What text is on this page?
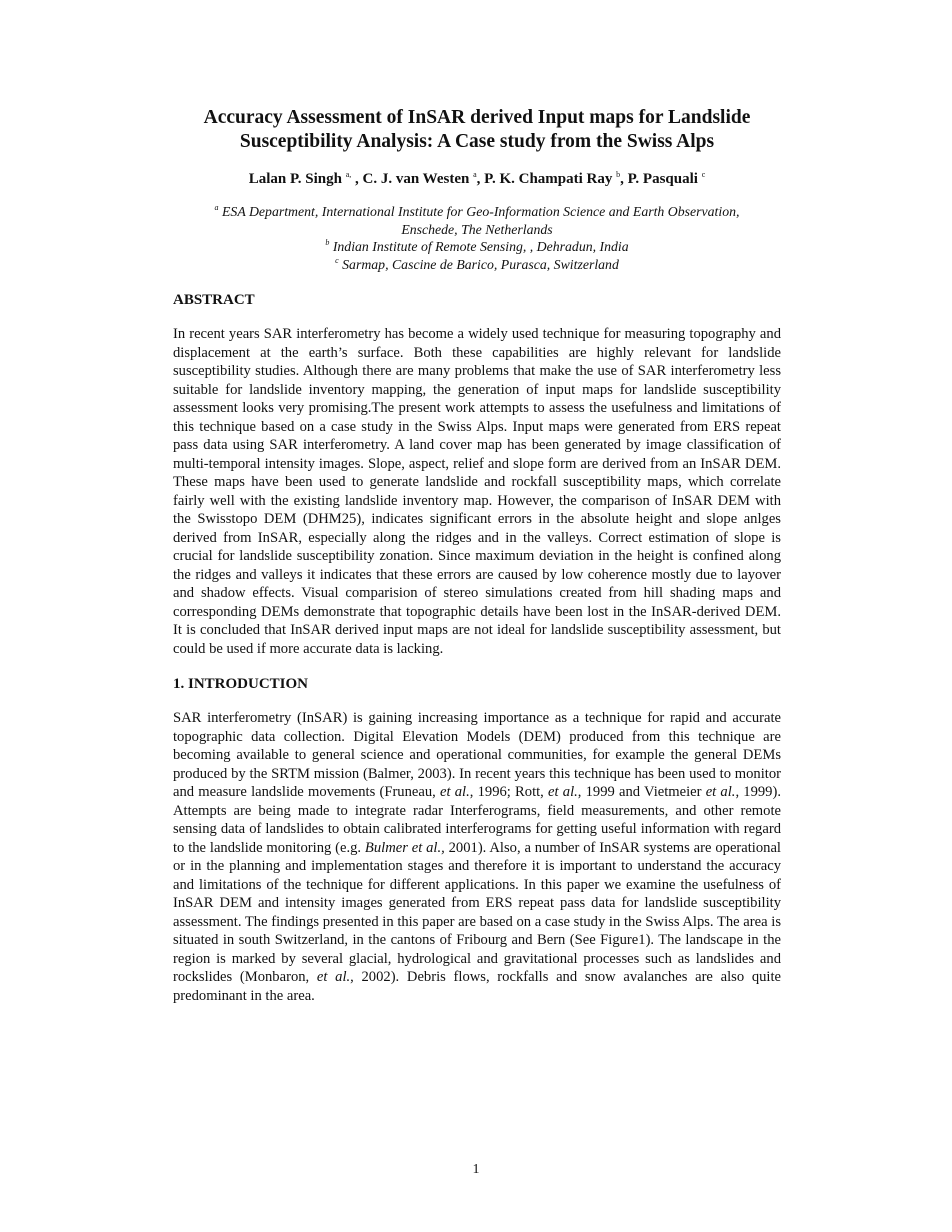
Accuracy Assessment of InSAR derived Input maps for Landslide
Susceptibility Analysis: A Case study from the Swiss Alps
Lalan P. Singh $^{a,}$ , C. J. van Westen $^a$, P. K. Champati Ray $^b$, P. Pasquali $^c$
$^a$ ESA Department, International Institute for Geo-Information Science and Earth Observation,
Enschede, The Netherlands
$^b$ Indian Institute of Remote Sensing, , Dehradun, India
$^c$ Sarmap, Cascine de Barico, Purasca, Switzerland
ABSTRACT

In recent years SAR interferometry has become a widely used technique for measuring topography and displacement at the earth’s surface. Both these capabilities are highly relevant for landslide susceptibility studies. Although there are many problems that make the use of SAR interferometry less suitable for landslide inventory mapping, the generation of input maps for landslide susceptibility assessment looks very promising.The present work attempts to assess the usefulness and limitations of this technique based on a case study in the Swiss Alps. Input maps were generated from ERS repeat pass data using SAR interferometry. A land cover map has been generated by image classification of multi-temporal intensity images. Slope, aspect, relief and slope form are derived from an InSAR DEM. These maps have been used to generate landslide and rockfall susceptibility maps, which correlate fairly well with the existing landslide inventory map. However, the comparison of InSAR DEM with the Swisstopo DEM (DHM25), indicates significant errors in the absolute height and slope anlges derived from InSAR, especially along the ridges and in the valleys. Correct estimation of slope is crucial for landslide susceptibility zonation. Since maximum deviation in the height is confined along the ridges and valleys it indicates that these errors are caused by low coherence mostly due to layover and shadow effects. Visual comparision of stereo simulations created from hill shading maps and corresponding DEMs demonstrate that topographic details have been lost in the InSAR-derived DEM. It is concluded that InSAR derived input maps are not ideal for landslide susceptibility assessment, but could be used if more accurate data is lacking.

1. INTRODUCTION

SAR interferometry (InSAR) is gaining increasing importance as a technique for rapid and accurate topographic data collection. Digital Elevation Models (DEM) produced from this technique are becoming available to general science and operational communities, for example the general DEMs produced by the SRTM mission (Balmer, 2003). In recent years this technique has been used to monitor and measure landslide movements (Fruneau, et al., 1996; Rott, et al., 1999 and Vietmeier et al., 1999). Attempts are being made to integrate radar Interferograms, field measurements, and other remote sensing data of landslides to obtain calibrated interferograms for getting useful information with regard to the landslide monitoring (e.g. Bulmer et al., 2001). Also, a number of InSAR systems are operational or in the planning and implementation stages and therefore it is important to understand the accuracy and limitations of the technique for different applications. In this paper we examine the usefulness of InSAR DEM and intensity images generated from ERS repeat pass data for landslide susceptibility assessment. The findings presented in this paper are based on a case study in the Swiss Alps. The area is situated in south Switzerland, in the cantons of Fribourg and Bern (See Figure1). The landscape in the region is marked by several glacial, hydrological and gravitational processes such as landslides and rockslides (Monbaron, et al., 2002). Debris flows, rockfalls and snow avalanches are also quite predominant in the area.

1
